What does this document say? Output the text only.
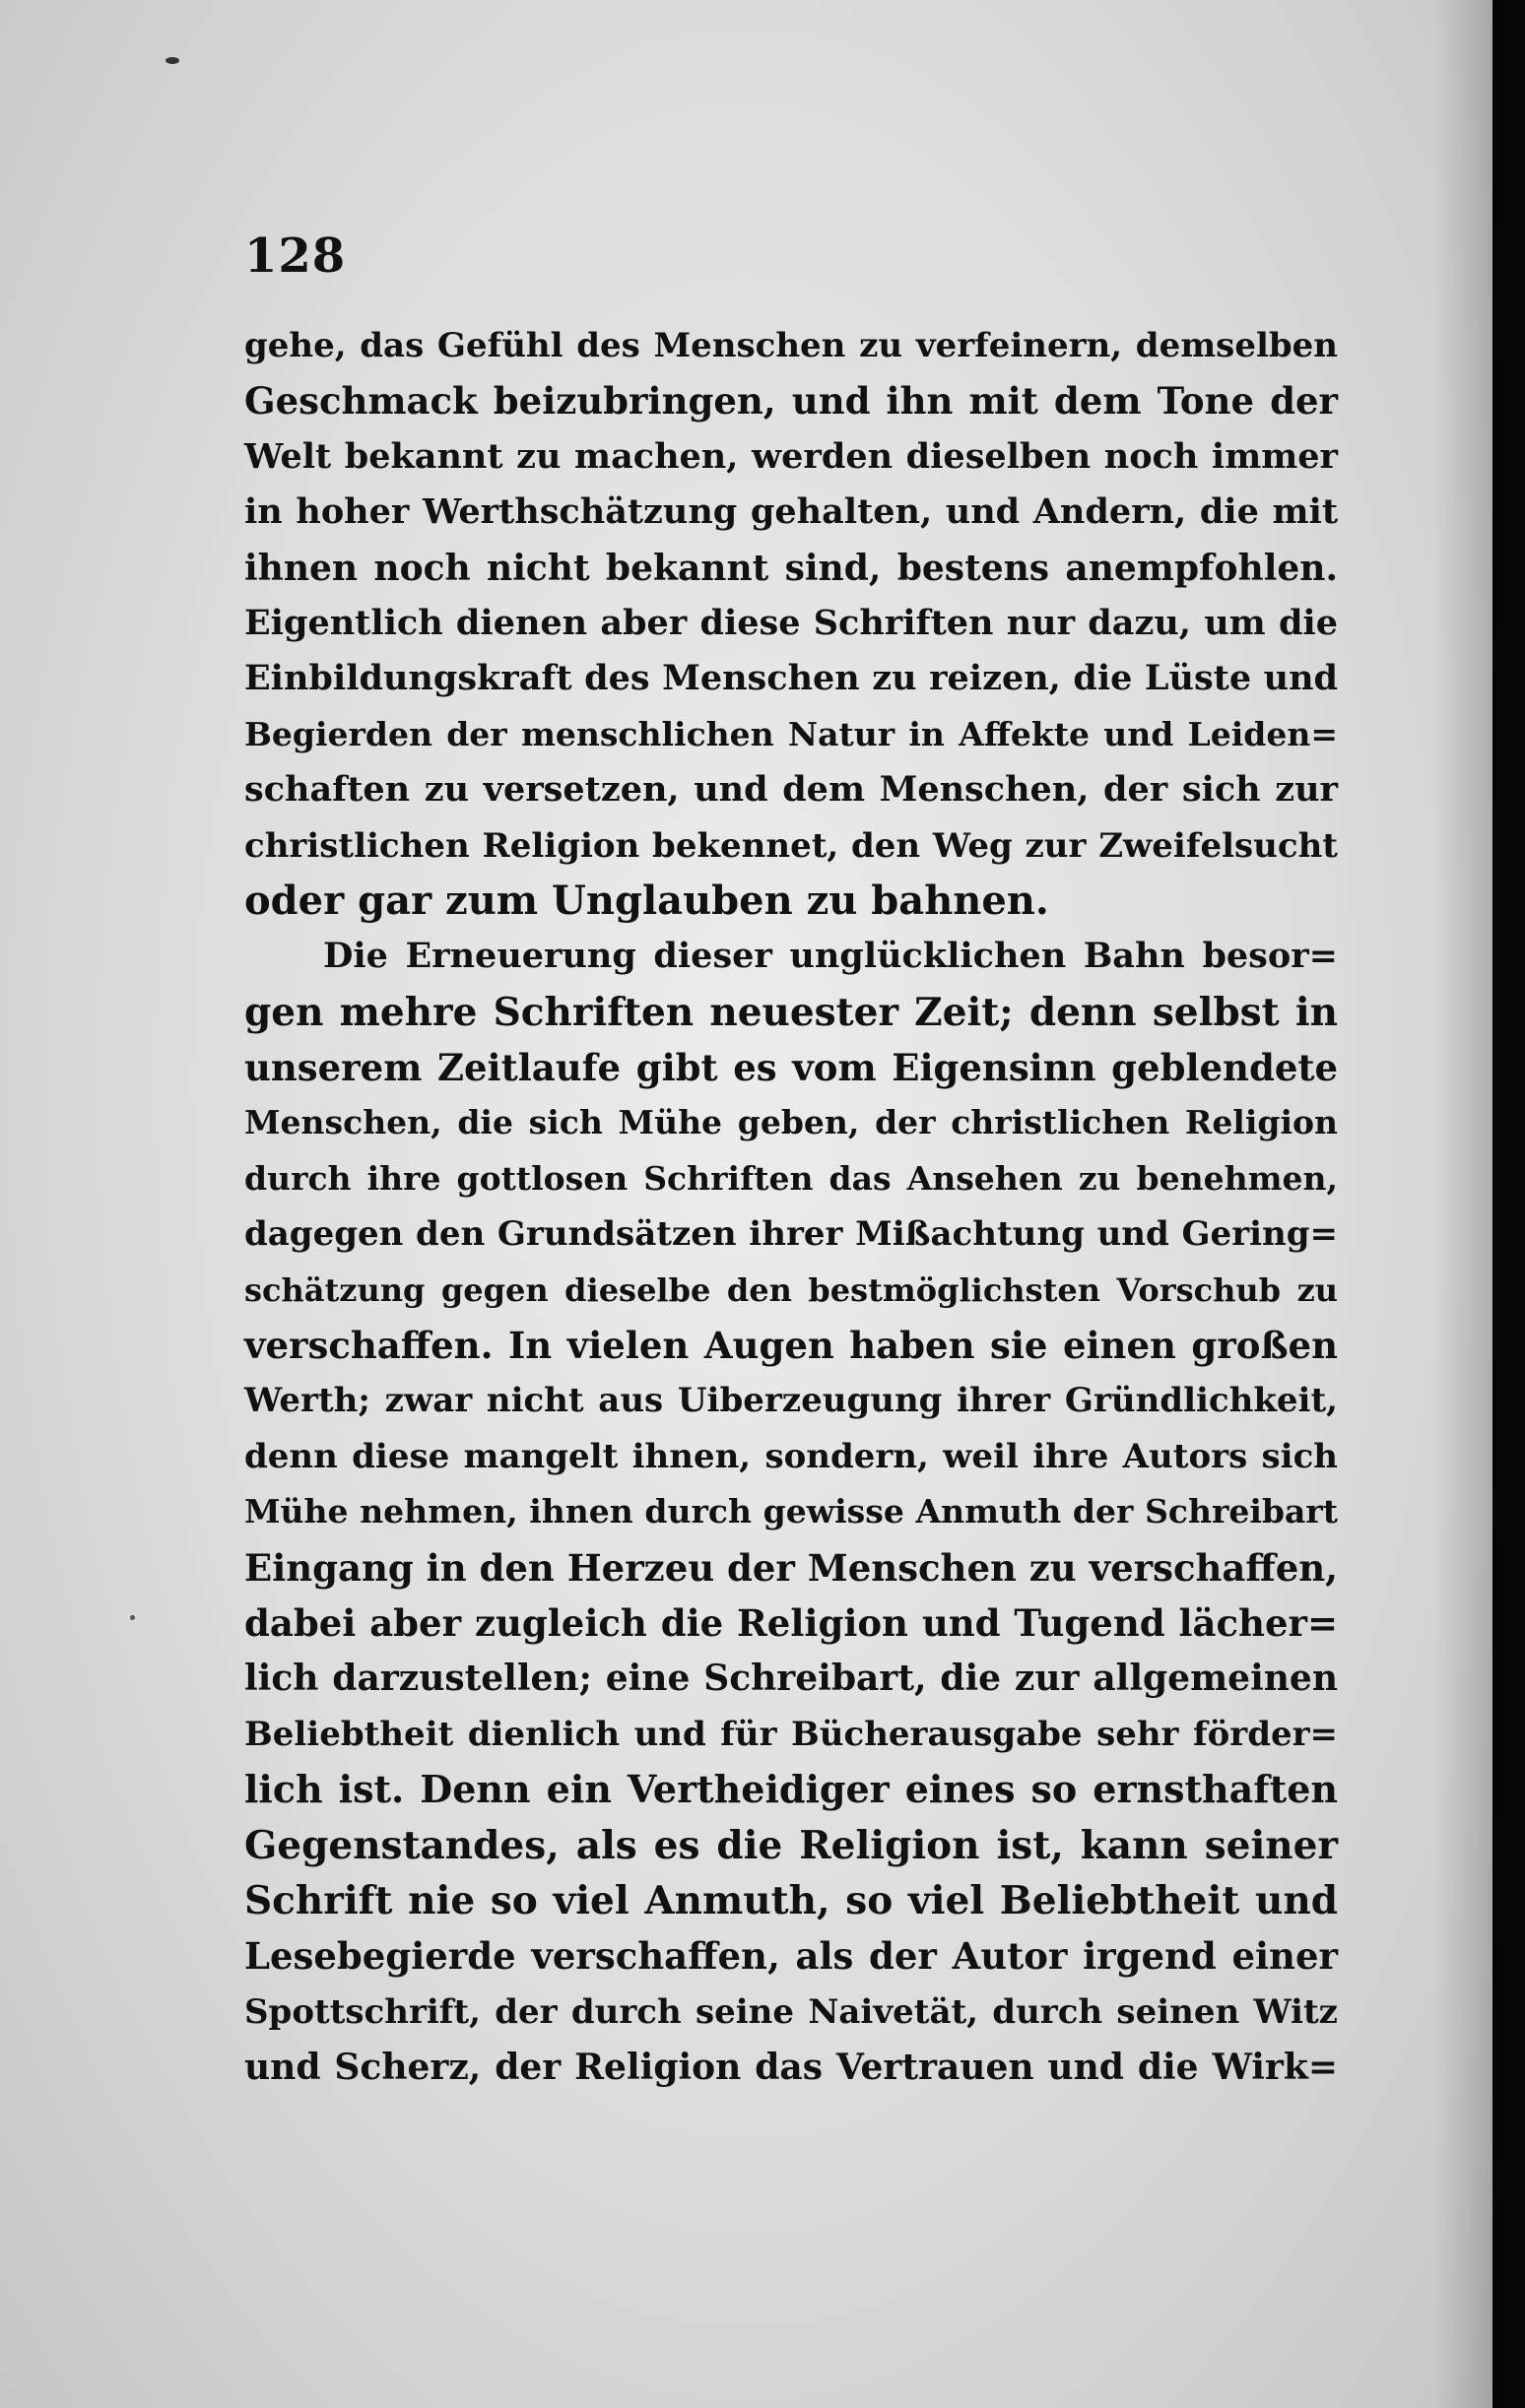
128
gehe, das Gefühl des Menschen zu verfeinern, demselben
Geschmack beizubringen, und ihn mit dem Tone der
Welt bekannt zu machen, werden dieselben noch immer
in hoher Werthschätzung gehalten, und Andern, die mit
ihnen noch nicht bekannt sind, bestens anempfohlen.
Eigentlich dienen aber diese Schriften nur dazu, um die
Einbildungskraft des Menschen zu reizen, die Lüste und
Begierden der menschlichen Natur in Affekte und Leiden=
schaften zu versetzen, und dem Menschen, der sich zur
christlichen Religion bekennet, den Weg zur Zweifelsucht
oder gar zum Unglauben zu bahnen.
Die Erneuerung dieser unglücklichen Bahn besor=
gen mehre Schriften neuester Zeit; denn selbst in
unserem Zeitlaufe gibt es vom Eigensinn geblendete
Menschen, die sich Mühe geben, der christlichen Religion
durch ihre gottlosen Schriften das Ansehen zu benehmen,
dagegen den Grundsätzen ihrer Mißachtung und Gering=
schätzung gegen dieselbe den bestmöglichsten Vorschub zu
verschaffen. In vielen Augen haben sie einen großen
Werth; zwar nicht aus Uiberzeugung ihrer Gründlichkeit,
denn diese mangelt ihnen, sondern, weil ihre Autors sich
Mühe nehmen, ihnen durch gewisse Anmuth der Schreibart
Eingang in den Herzeu der Menschen zu verschaffen,
dabei aber zugleich die Religion und Tugend lächer=
lich darzustellen; eine Schreibart, die zur allgemeinen
Beliebtheit dienlich und für Bücherausgabe sehr förder=
lich ist. Denn ein Vertheidiger eines so ernsthaften
Gegenstandes, als es die Religion ist, kann seiner
Schrift nie so viel Anmuth, so viel Beliebtheit und
Lesebegierde verschaffen, als der Autor irgend einer
Spottschrift, der durch seine Naivetät, durch seinen Witz
und Scherz, der Religion das Vertrauen und die Wirk=
